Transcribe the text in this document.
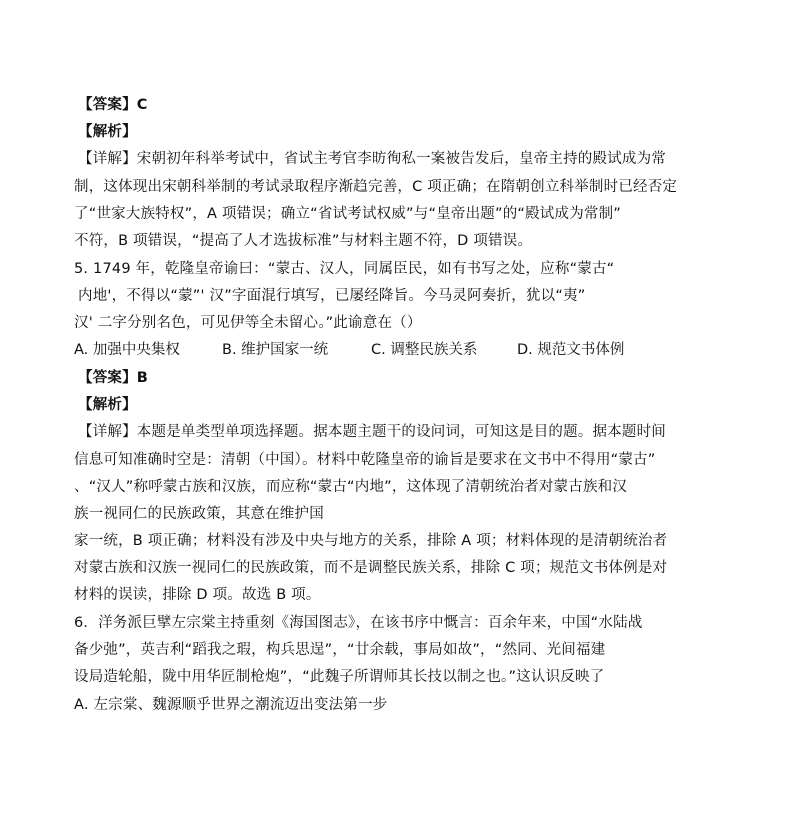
【答案】C
【解析】
【详解】宋朝初年科举考试中，省试主考官李昉徇私一案被告发后，皇帝主持的殿试成为常
制，这体现出宋朝科举制的考试录取程序渐趋完善，C 项正确；在隋朝创立科举制时已经否定
了“世家大族特权”，A 项错误；确立“省试考试权威”与“皇帝出题”的“殿试成为常制”
不符，B 项错误，“提高了人才选拔标准”与材料主题不符，D 项错误。
5. 1749 年，乾隆皇帝谕曰：“蒙古、汉人，同属臣民，如有书写之处，应称“蒙古“
内地'，不得以“蒙”' 汉”字面混行填写，已屡经降旨。今马灵阿奏折，犹以“夷”
汉' 二字分别名色，可见伊等全未留心。”此谕意在（）
A. 加强中央集权	B. 维护国家一统	C. 调整民族关系	D. 规范文书体例
【答案】B
【解析】
【详解】本题是单类型单项选择题。据本题主题干的设问词，可知这是目的题。据本题时间
信息可知准确时空是：清朝（中国）。材料中乾隆皇帝的谕旨是要求在文书中不得用“蒙古”
、“汉人”称呼蒙古族和汉族，而应称“蒙古“内地”，这体现了清朝统治者对蒙古族和汉
族一视同仁的民族政策，其意在维护国
家一统，B 项正确；材料没有涉及中央与地方的关系，排除 A 项；材料体现的是清朝统治者
对蒙古族和汉族一视同仁的民族政策，而不是调整民族关系，排除 C 项；规范文书体例是对
材料的误读，排除 D 项。故选 B 项。
6．洋务派巨擘左宗棠主持重刻《海国图志》，在该书序中慨言：百余年来，中国“水陆战
备少弛”，英吉利“蹈我之瑕，构兵思逞”，“廿余载，事局如故”，“然同、光间福建
设局造轮船，陇中用华匠制枪炮”，“此魏子所谓师其长技以制之也。”这认识反映了
A. 左宗棠、魏源顺乎世界之潮流迈出变法第一步
